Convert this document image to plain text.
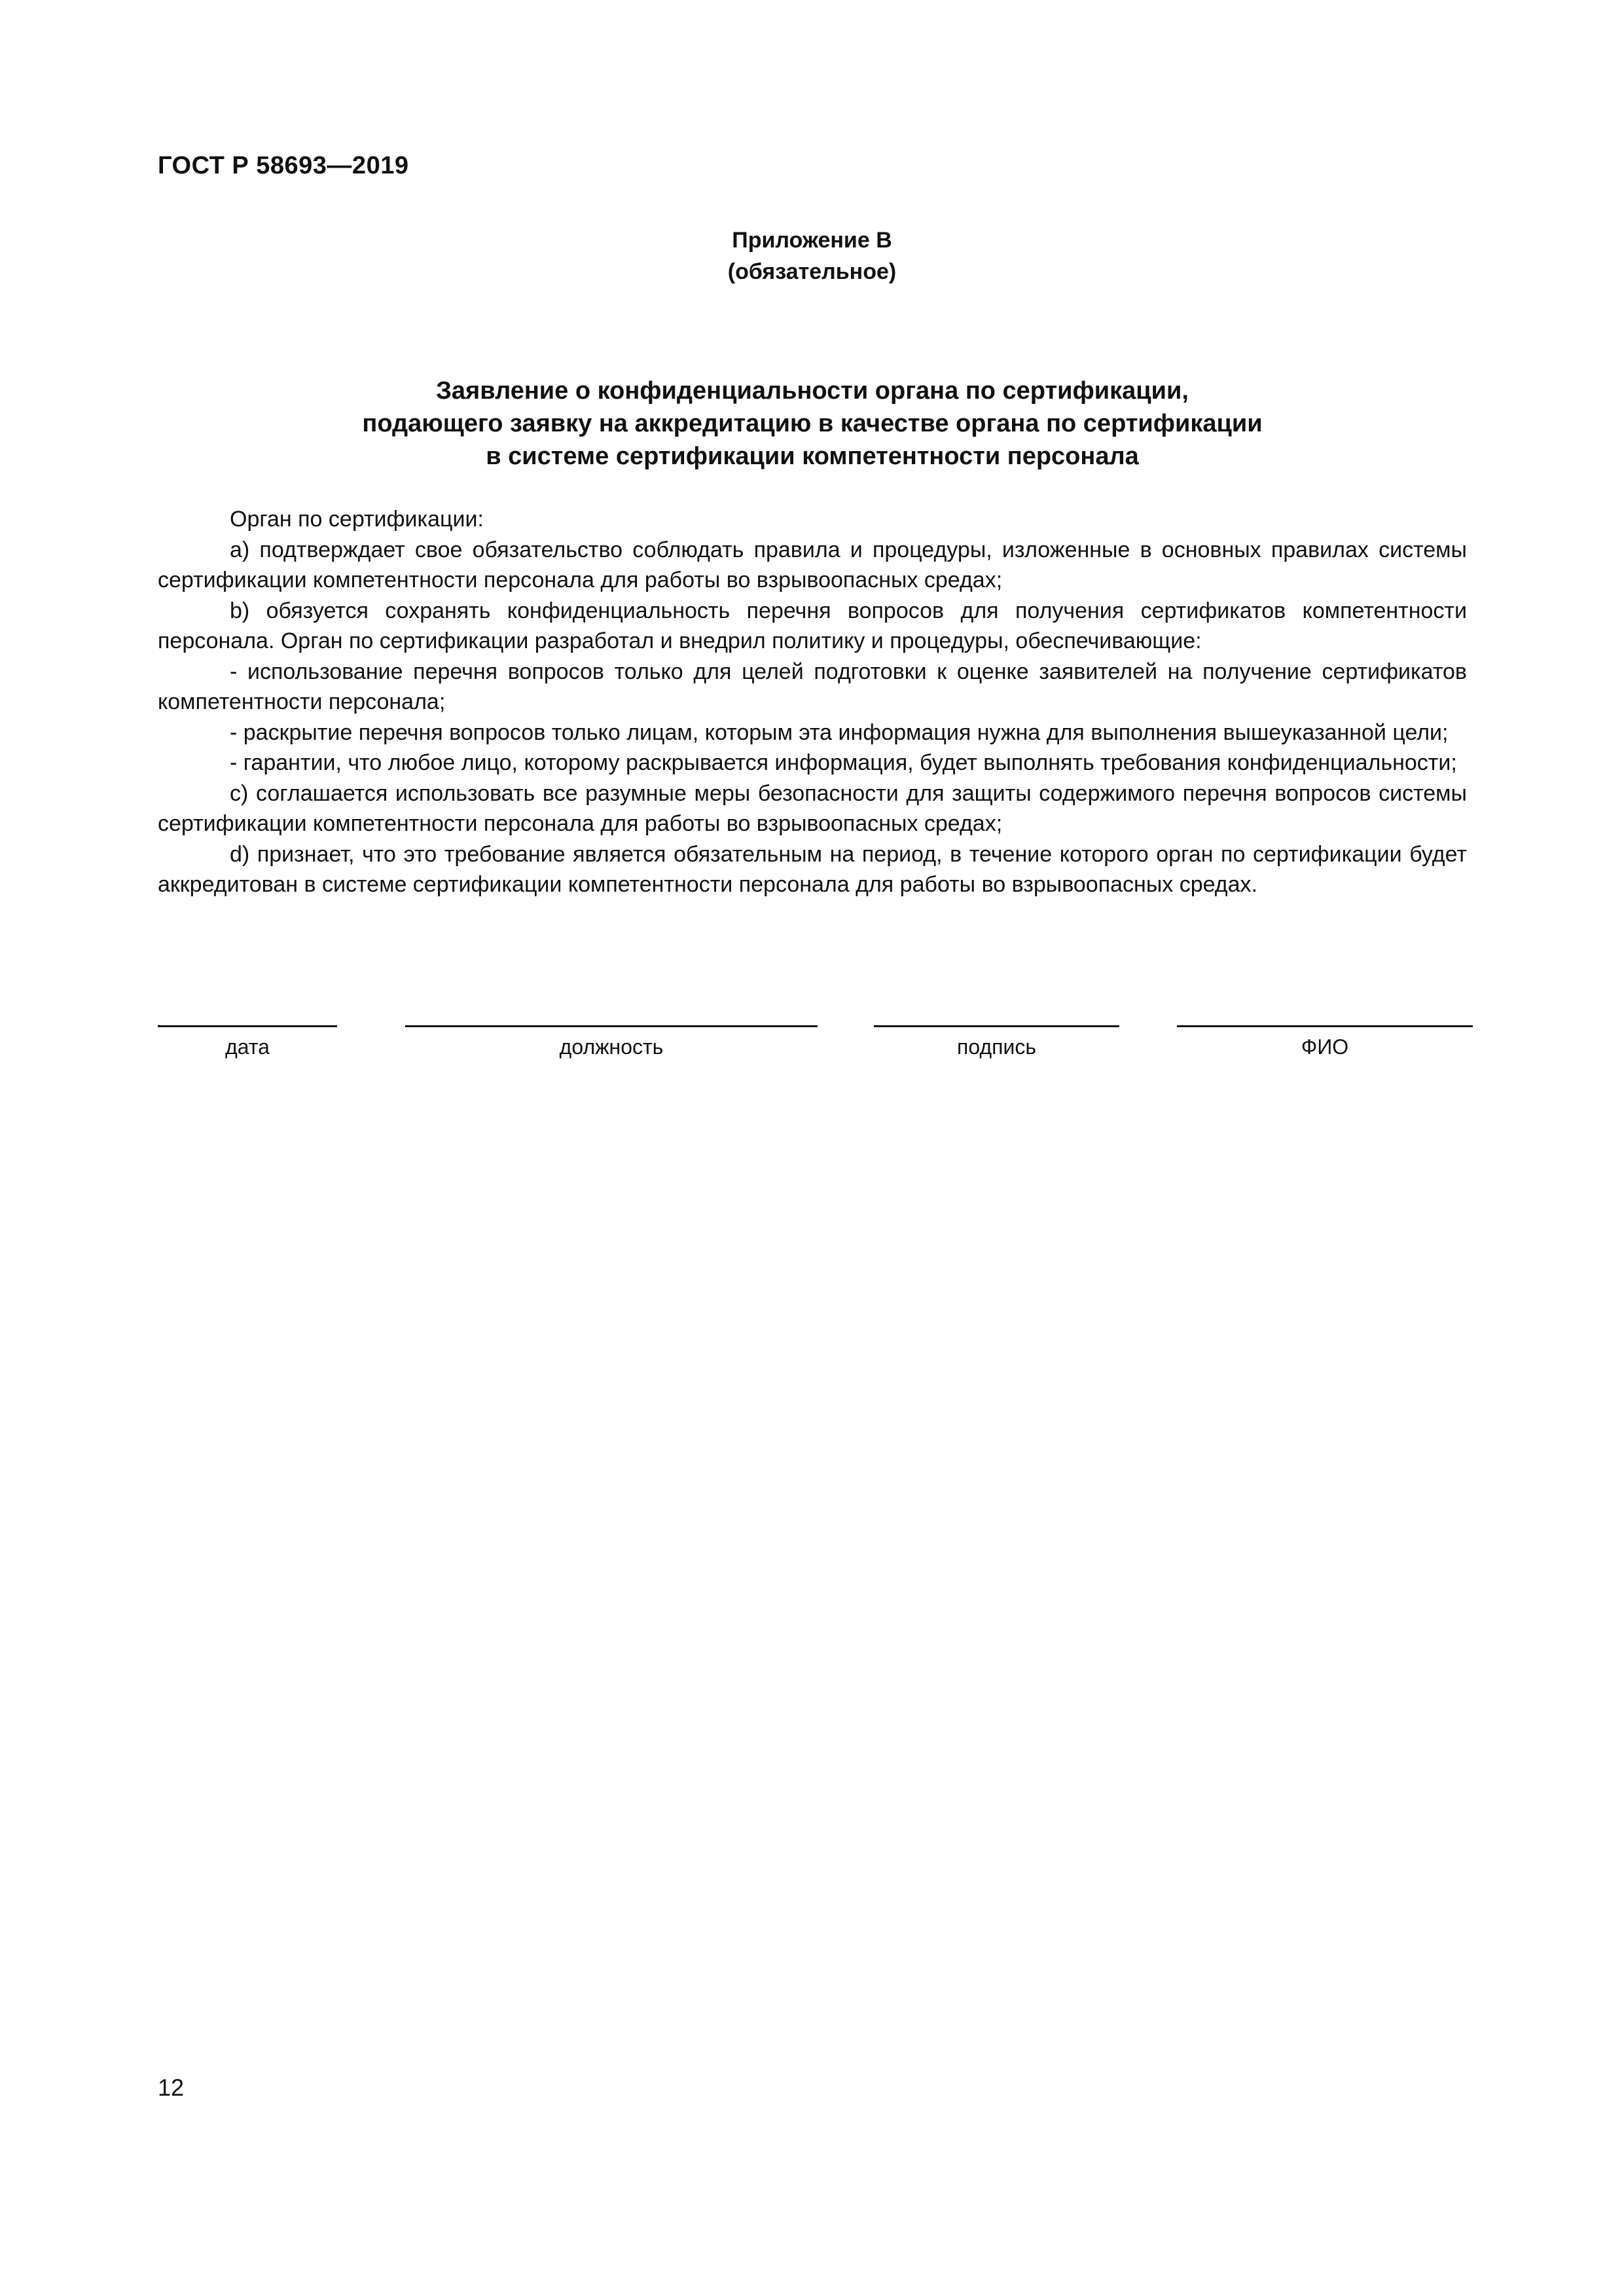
ГОСТ Р 58693—2019
Приложение В
(обязательное)
Заявление о конфиденциальности органа по сертификации,
подающего заявку на аккредитацию в качестве органа по сертификации
в системе сертификации компетентности персонала

Орган по сертификации:

a) подтверждает свое обязательство соблюдать правила и процедуры, изложенные в основных правилах системы сертификации компетентности персонала для работы во взрывоопасных средах;

b) обязуется сохранять конфиденциальность перечня вопросов для получения сертификатов компетентности персонала. Орган по сертификации разработал и внедрил политику и процедуры, обеспечивающие:

- использование перечня вопросов только для целей подготовки к оценке заявителей на получение сертификатов компетентности персонала;

- раскрытие перечня вопросов только лицам, которым эта информация нужна для выполнения вышеуказанной цели;

- гарантии, что любое лицо, которому раскрывается информация, будет выполнять требования конфиденциальности;

c) соглашается использовать все разумные меры безопасности для защиты содержимого перечня вопросов системы сертификации компетентности персонала для работы во взрывоопасных средах;

d) признает, что это требование является обязательным на период, в течение которого орган по сертификации будет аккредитован в системе сертификации компетентности персонала для работы во взрывоопасных средах.

дата	должность	подпись	ФИО
12
